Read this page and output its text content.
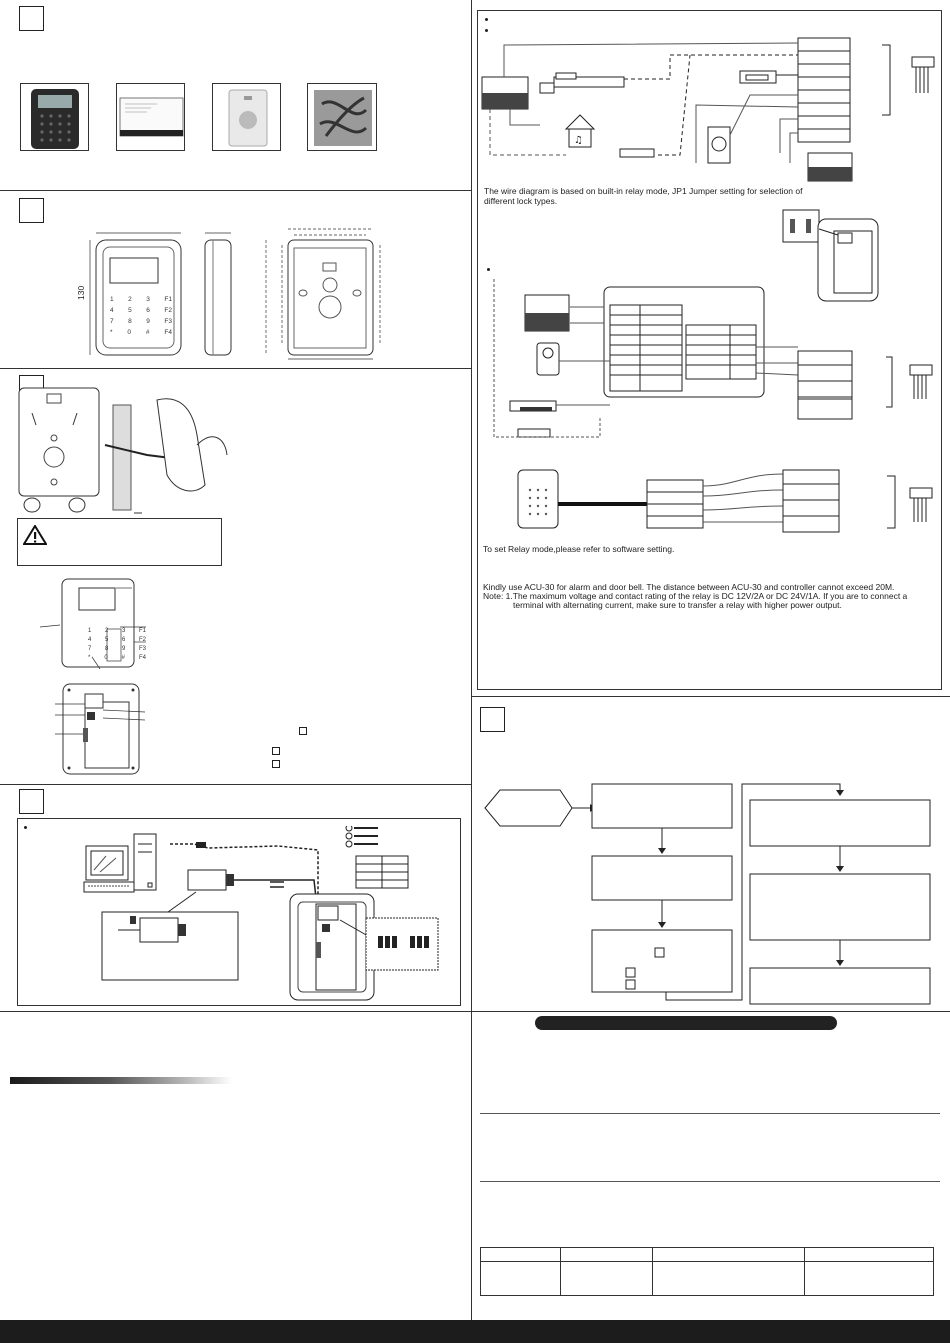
130	1 2 3 F1
4 5 6 F2
7 8 9 F3
* 0 # F4
1 2 3 F1
4 5 6 F2
7 8 9 F3
* 0 # F4
♫
The wire diagram is based on built-in relay mode, JP1 Jumper setting for selection of different lock types.
To set Relay mode,please refer to software setting.
Kindly use ACU-30 for alarm and door bell. The distance between ACU-30 and controller cannot exceed 20M.
Note: 1.The maximum voltage and contact rating of the relay is DC 12V/2A or DC 24V/1A. If you are to connect a
terminal with alternating current, make sure to transfer a relay with higher power output.
